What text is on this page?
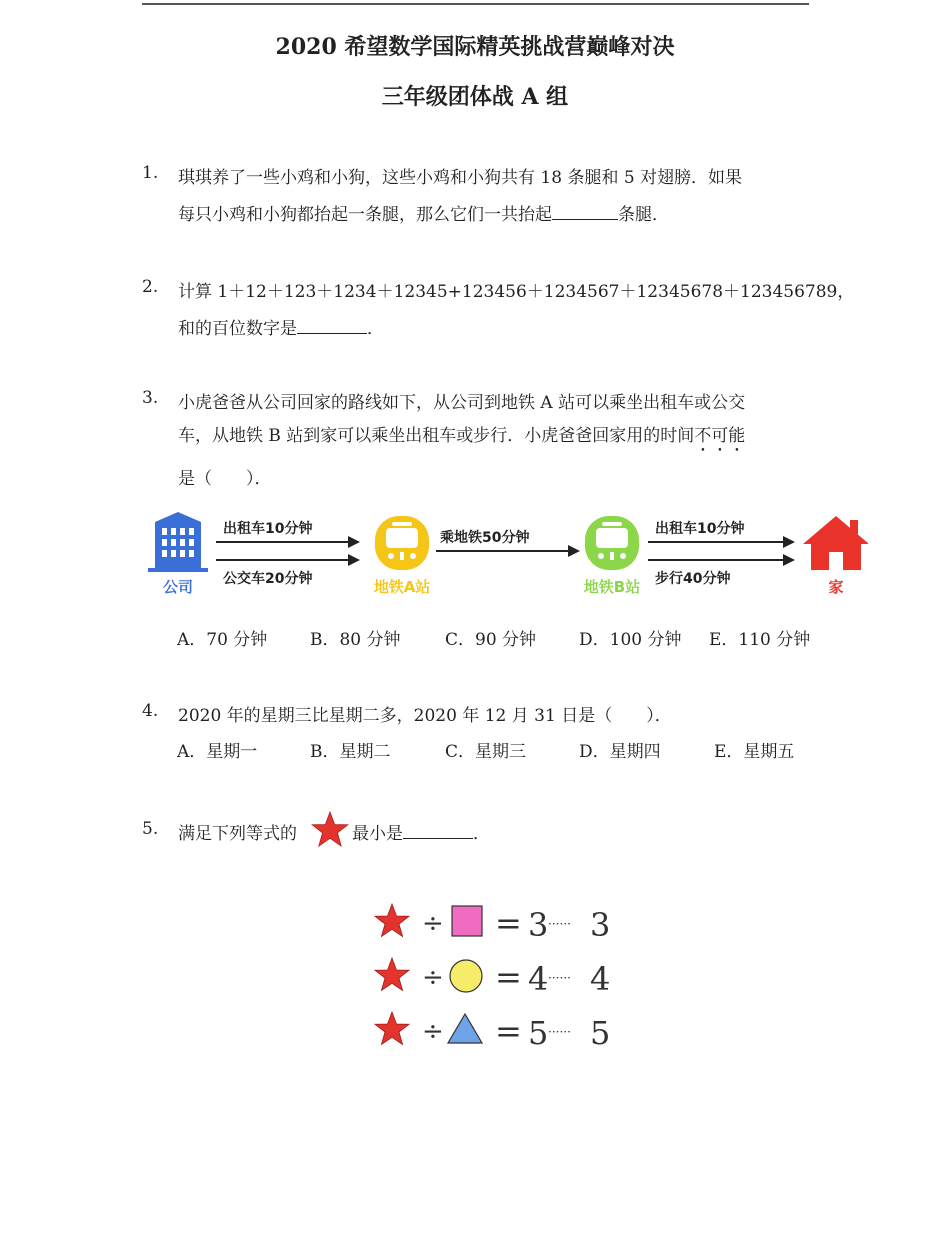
2020 希望数学国际精英挑战营巅峰对决
三年级团体战 A 组
1. 琪琪养了一些小鸡和小狗，这些小鸡和小狗共有 18 条腿和 5 对翅膀．如果
每只小鸡和小狗都抬起一条腿，那么它们一共抬起	条腿．
2. 计算 1＋12＋123＋1234＋12345+123456＋1234567＋12345678＋123456789，
和的百位数字是	．
3. 小虎爸爸从公司回家的路线如下，从公司到地铁 A 站可以乘坐出租车或公交
车，从地铁 B 站到家可以乘坐出租车或步行．小虎爸爸回家用的时间不可能
是（　　）．
公司
出租车10分钟
公交车20分钟	地铁A站
乘地铁50分钟
地铁B站
出租车10分钟
步行40分钟	家
A．70 分钟	B．80 分钟	C．90 分钟	D．100 分钟 E．110 分钟
4. 2020 年的星期三比星期二多，2020 年 12 月 31 日是（　　）．
A．星期一	B．星期二	C．星期三	D．星期四	E．星期五
5. 满足下列等式的	最小是	．
÷ = 3 ······ 3
÷ = 4 ······ 4
÷ = 5 ······ 5
